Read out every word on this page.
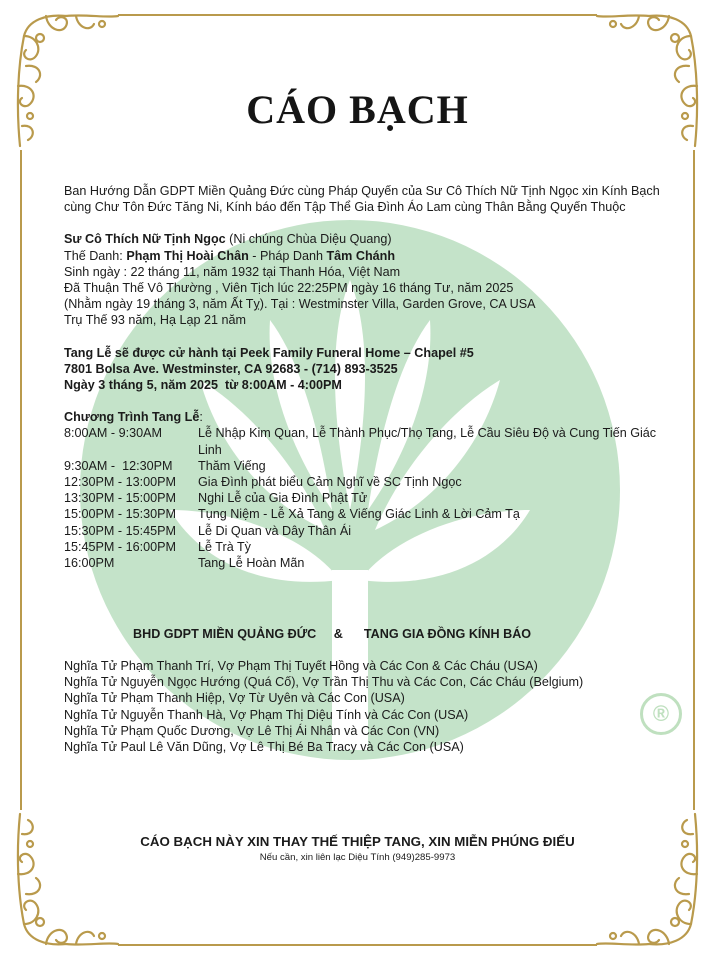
®
CÁO BẠCH

Ban Hướng Dẫn GDPT Miền Quảng Đức cùng Pháp Quyến của Sư Cô Thích Nữ Tịnh Ngọc xin Kính Bạch cùng Chư Tôn Đức Tăng Ni, Kính báo đến Tập Thể Gia Đình Áo Lam cùng Thân Bằng Quyến Thuộc

Sư Cô Thích Nữ Tịnh Ngọc (Ni chúng Chùa Diệu Quang)

Thế Danh: Phạm Thị Hoài Chân - Pháp Danh Tâm Chánh

Sinh ngày : 22 tháng 11, năm 1932 tại Thanh Hóa, Việt Nam

Đã Thuận Thế Vô Thường , Viên Tịch lúc 22:25PM ngày 16 tháng Tư, năm 2025

(Nhằm ngày 19 tháng 3, năm Ất Tỵ). Tại : Westminster Villa, Garden Grove, CA USA

Trụ Thế 93 năm, Hạ Lạp 21 năm

Tang Lễ sẽ được cử hành tại Peek Family Funeral Home – Chapel #5

7801 Bolsa Ave. Westminster, CA 92683 - (714) 893-3525

Ngày 3 tháng 5, năm 2025  từ 8:00AM - 4:00PM

Chương Trình Tang Lễ:

8:00AM - 9:30AM	Lễ Nhập Kim Quan, Lễ Thành Phục/Thọ Tang, Lễ Cầu Siêu Độ và Cung Tiến Giác Linh
9:30AM -  12:30PM	Thăm Viếng
12:30PM - 13:00PM	Gia Đình phát biểu Cảm Nghĩ về SC Tịnh Ngọc
13:30PM - 15:00PM	Nghi Lễ của Gia Đình Phật Tử
15:00PM - 15:30PM	Tụng Niệm - Lễ Xả Tang & Viếng Giác Linh & Lời Cảm Tạ
15:30PM - 15:45PM	Lễ Di Quan và Dây Thân Ái
15:45PM - 16:00PM	Lễ Trà Tỳ
16:00PM	Tang Lễ Hoàn Mãn
BHD GDPT MIỀN QUẢNG ĐỨC & TANG GIA ĐỒNG KÍNH BÁO

Nghĩa Tử Phạm Thanh Trí, Vợ Phạm Thị Tuyết Hồng và Các Con & Các Cháu (USA)

Nghĩa Tử Nguyễn Ngọc Hướng (Quá Cố), Vợ Trần Thị Thu và Các Con, Các Cháu (Belgium)

Nghĩa Tử Phạm Thanh Hiệp, Vợ Từ Uyên và Các Con (USA)

Nghĩa Tử Nguyễn Thanh Hà, Vợ Phạm Thị Diệu Tính và Các Con (USA)

Nghĩa Tử Phạm Quốc Dương, Vợ Lê Thị Ái Nhân và Các Con (VN)

Nghĩa Tử Paul Lê Văn Dũng, Vợ Lê Thị Bé Ba Tracy và Các Con (USA)

CÁO BẠCH NÀY XIN THAY THẾ THIỆP TANG, XIN MIỄN PHÚNG ĐIẾU
Nếu cần, xin liên lạc Diệu Tính (949)285-9973
